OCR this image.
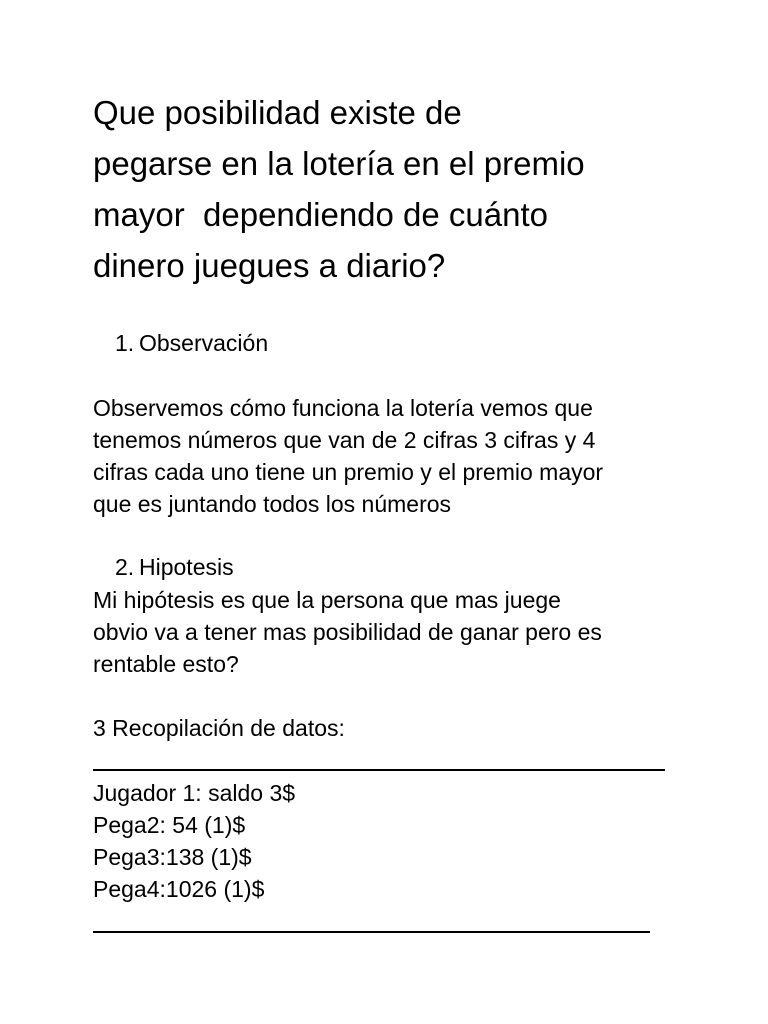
Que posibilidad existe de
pegarse en la lotería en el premio
mayor  dependiendo de cuánto
dinero juegues a diario?
1. Observación

Observemos cómo funciona la lotería vemos que
tenemos números que van de 2 cifras 3 cifras y 4
cifras cada uno tiene un premio y el premio mayor
que es juntando todos los números

2. Hipotesis

Mi hipótesis es que la persona que mas juege
obvio va a tener mas posibilidad de ganar pero es
rentable esto?

3 Recopilación de datos:

Jugador 1: saldo 3$
Pega2: 54 (1)$
Pega3:138 (1)$
Pega4:1026 (1)$
